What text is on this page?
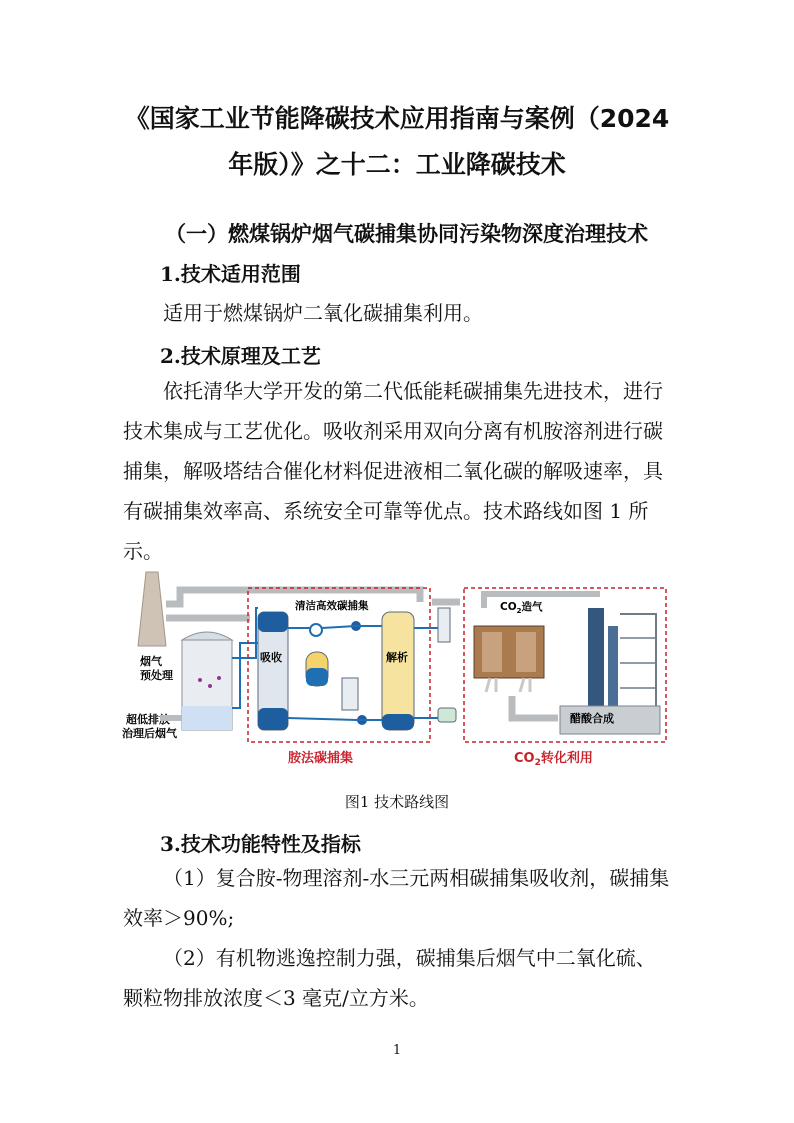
《国家工业节能降碳技术应用指南与案例（2024 年版）》之十二：工业降碳技术
（一）燃煤锅炉烟气碳捕集协同污染物深度治理技术
1.技术适用范围
适用于燃煤锅炉二氧化碳捕集利用。
2.技术原理及工艺
依托清华大学开发的第二代低能耗碳捕集先进技术，进行技术集成与工艺优化。吸收剂采用双向分离有机胺溶剂进行碳捕集，解吸塔结合催化材料促进液相二氧化碳的解吸速率，具有碳捕集效率高、系统安全可靠等优点。技术路线如图 1 所示。
烟气
预处理
超低排放
治理后烟气
清洁高效碳捕集
吸收	解析
$CO_2$造气
醋酸合成
胺法碳捕集	$CO_2$转化利用
图1 技术路线图
3.技术功能特性及指标
（1）复合胺-物理溶剂-水三元两相碳捕集吸收剂，碳捕集效率＞90%;
（2）有机物逃逸控制力强，碳捕集后烟气中二氧化硫、颗粒物排放浓度＜3 毫克/立方米。
1
